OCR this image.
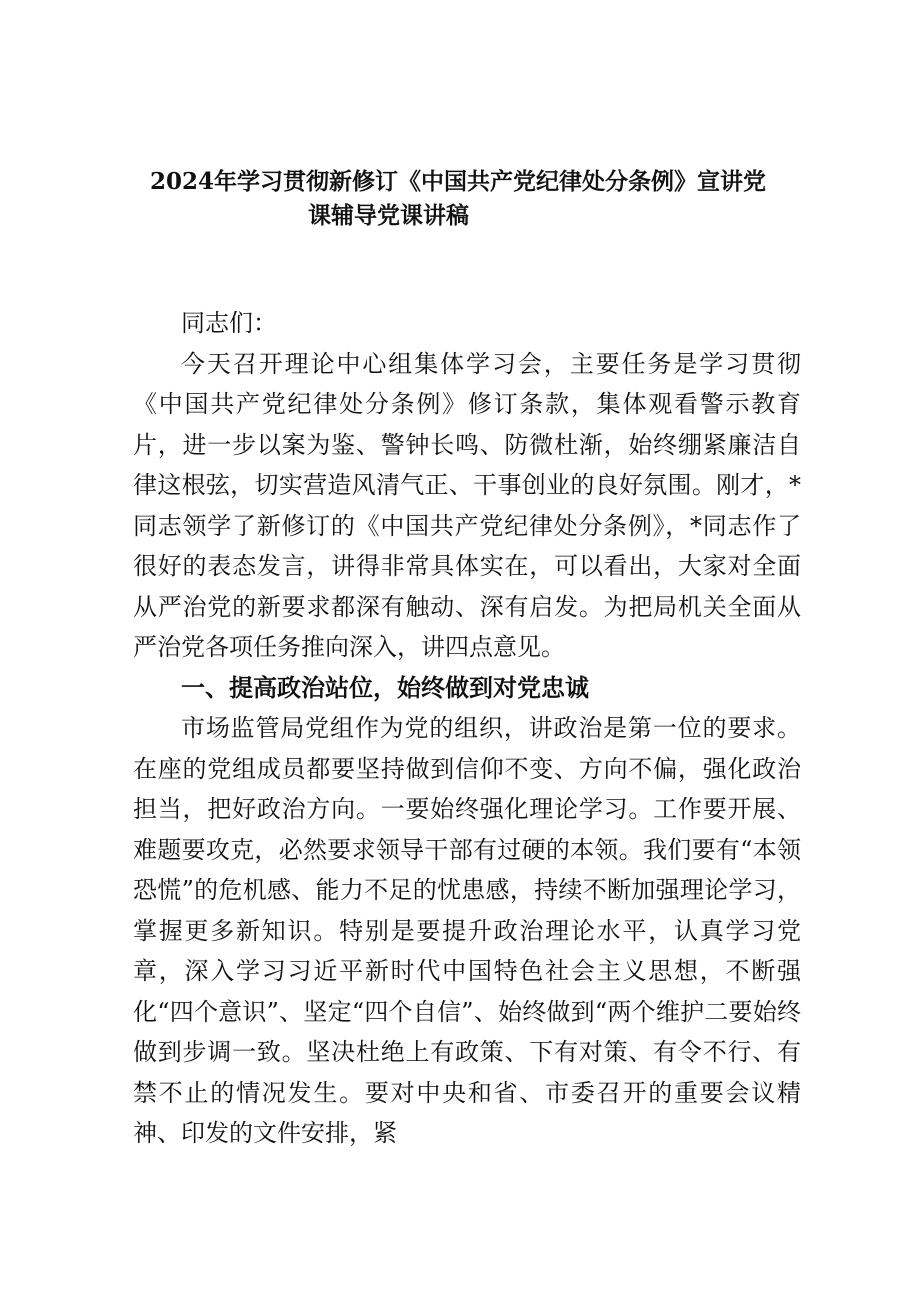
2024年学习贯彻新修订《中国共产党纪律处分条例》宣讲党
课辅导党课讲稿

同志们：

今天召开理论中心组集体学习会，主要任务是学习贯彻《中国共产党纪律处分条例》修订条款，集体观看警示教育片，进一步以案为鉴、警钟长鸣、防微杜渐，始终绷紧廉洁自律这根弦，切实营造风清气正、干事创业的良好氛围。刚才，*同志领学了新修订的《中国共产党纪律处分条例》，*同志作了很好的表态发言，讲得非常具体实在，可以看出，大家对全面从严治党的新要求都深有触动、深有启发。为把局机关全面从严治党各项任务推向深入，讲四点意见。

一、提高政治站位，始终做到对党忠诚

市场监管局党组作为党的组织，讲政治是第一位的要求。在座的党组成员都要坚持做到信仰不变、方向不偏，强化政治担当，把好政治方向。一要始终强化理论学习。工作要开展、难题要攻克，必然要求领导干部有过硬的本领。我们要有“本领恐慌”的危机感、能力不足的忧患感，持续不断加强理论学习，掌握更多新知识。特别是要提升政治理论水平，认真学习党章，深入学习习近平新时代中国特色社会主义思想，不断强化“四个意识”、坚定“四个自信”、始终做到“两个维护二要始终做到步调一致。坚决杜绝上有政策、下有对策、有令不行、有禁不止的情况发生。要对中央和省、市委召开的重要会议精神、印发的文件安排，紧
